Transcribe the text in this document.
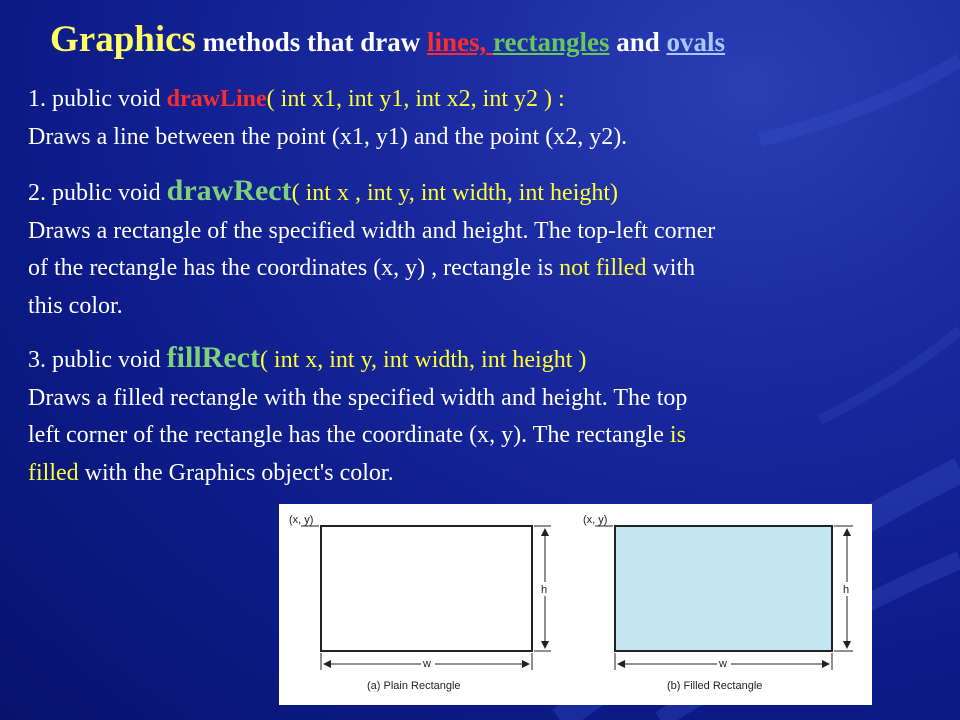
Graphics methods that draw lines, rectangles and ovals
1. public void drawLine( int x1, int y1, int x2, int y2 ) :
Draws a line between the point (x1, y1) and the point (x2, y2).
2. public void drawRect( int x , int y, int width, int height)
Draws a rectangle of the specified width and height. The top-left corner
of the rectangle has the coordinates (x, y) , rectangle is not filled with
this color.
3. public void fillRect( int x, int y, int width, int height )
Draws a filled rectangle with the specified width and height. The top
left corner of the rectangle has the coordinate (x, y). The rectangle is
filled with the Graphics object's color.
(x, y)
h
w
(a) Plain Rectangle
(x, y)
h
w
(b) Filled Rectangle
